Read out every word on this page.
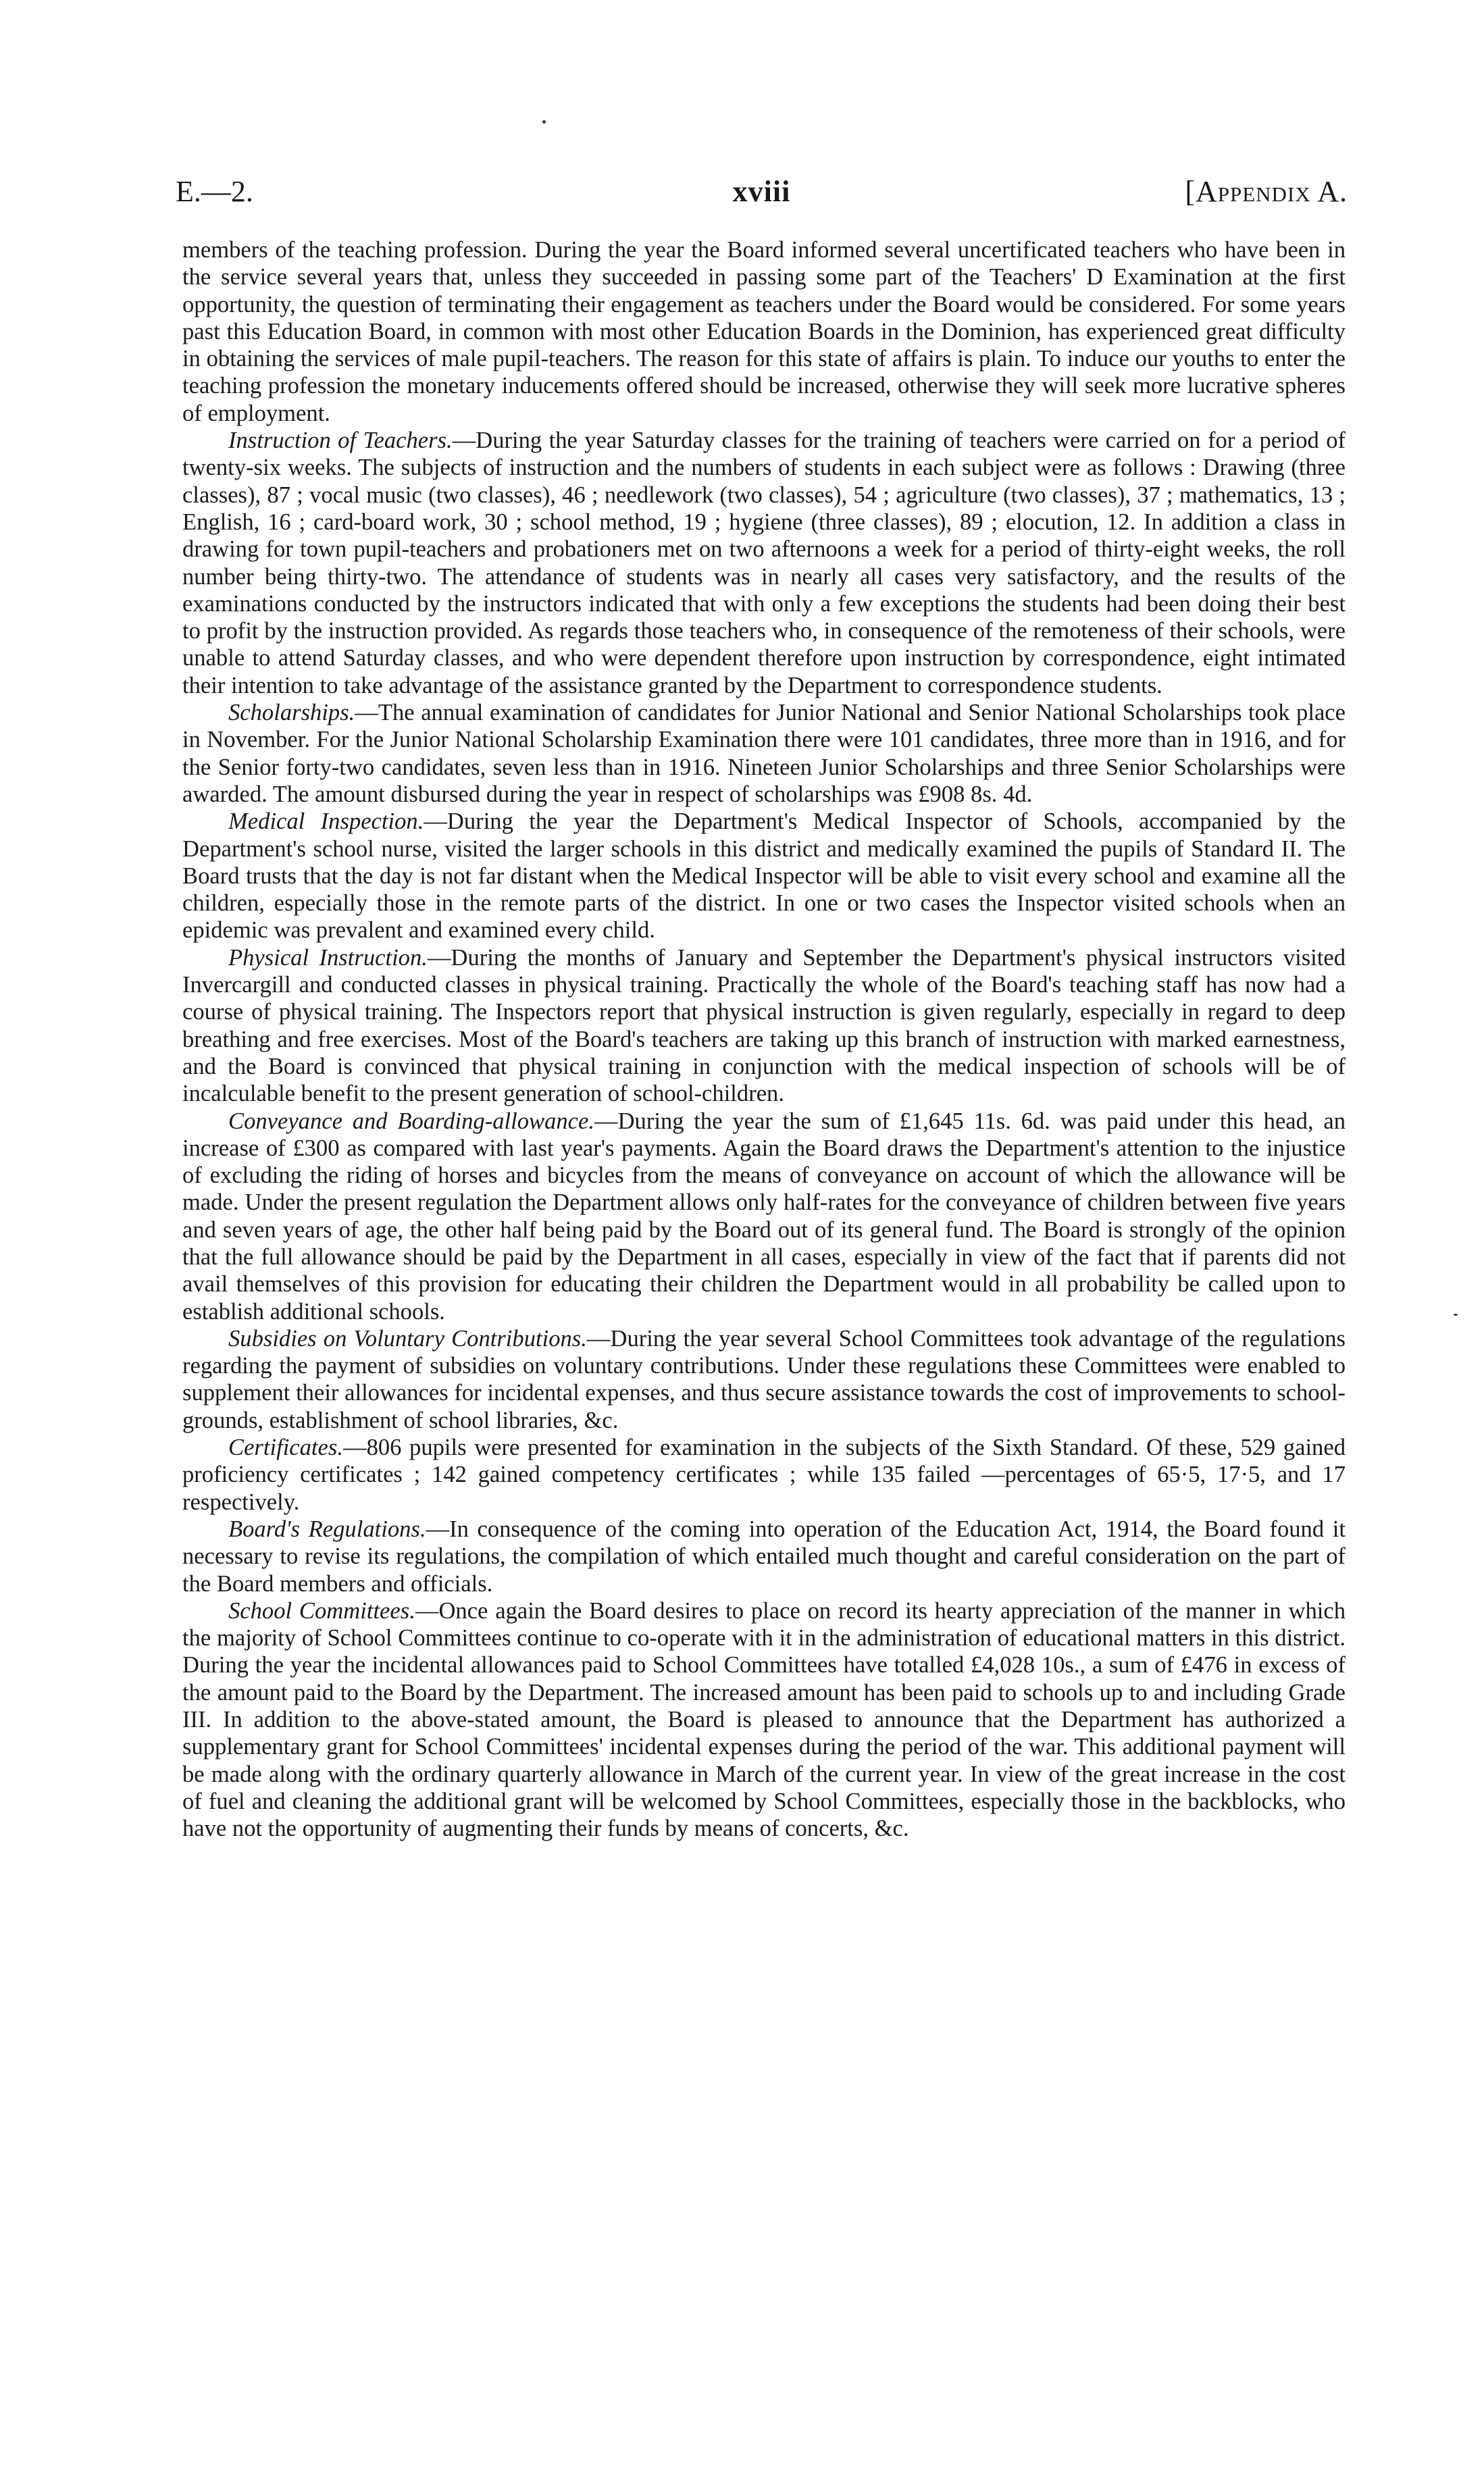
E.—2.	xviii	[Appendix A.

members of the teaching profession. During the year the Board informed several uncertificated teachers who have been in the service several years that, unless they succeeded in passing some part of the Teachers' D Examination at the first opportunity, the question of terminating their engagement as teachers under the Board would be considered. For some years past this Education Board, in common with most other Education Boards in the Dominion, has experienced great difficulty in obtaining the services of male pupil-teachers. The reason for this state of affairs is plain. To induce our youths to enter the teaching profession the monetary inducements offered should be increased, otherwise they will seek more lucrative spheres of employment.

Instruction of Teachers.—During the year Saturday classes for the training of teachers were carried on for a period of twenty-six weeks. The subjects of instruction and the numbers of students in each subject were as follows : Drawing (three classes), 87 ; vocal music (two classes), 46 ; needlework (two classes), 54 ; agriculture (two classes), 37 ; mathematics, 13 ; English, 16 ; card-board work, 30 ; school method, 19 ; hygiene (three classes), 89 ; elocution, 12. In addition a class in drawing for town pupil-teachers and probationers met on two afternoons a week for a period of thirty-eight weeks, the roll number being thirty-two. The attendance of students was in nearly all cases very satisfactory, and the results of the examinations conducted by the instructors indicated that with only a few exceptions the students had been doing their best to profit by the instruction provided. As regards those teachers who, in consequence of the remoteness of their schools, were unable to attend Saturday classes, and who were dependent therefore upon instruction by correspondence, eight intimated their intention to take advantage of the assistance granted by the Department to correspondence students.

Scholarships.—The annual examination of candidates for Junior National and Senior National Scholarships took place in November. For the Junior National Scholarship Examination there were 101 candidates, three more than in 1916, and for the Senior forty-two candidates, seven less than in 1916. Nineteen Junior Scholarships and three Senior Scholarships were awarded. The amount disbursed during the year in respect of scholarships was £908 8s. 4d.

Medical Inspection.—During the year the Department's Medical Inspector of Schools, accompanied by the Department's school nurse, visited the larger schools in this district and medically examined the pupils of Standard II. The Board trusts that the day is not far distant when the Medical Inspector will be able to visit every school and examine all the children, especially those in the remote parts of the district. In one or two cases the Inspector visited schools when an epidemic was prevalent and examined every child.

Physical Instruction.—During the months of January and September the Department's physical instructors visited Invercargill and conducted classes in physical training. Practically the whole of the Board's teaching staff has now had a course of physical training. The Inspectors report that physical instruction is given regularly, especially in regard to deep breathing and free exercises. Most of the Board's teachers are taking up this branch of instruction with marked earnestness, and the Board is convinced that physical training in conjunction with the medical inspection of schools will be of incalculable benefit to the present generation of school-children.

Conveyance and Boarding-allowance.—During the year the sum of £1,645 11s. 6d. was paid under this head, an increase of £300 as compared with last year's payments. Again the Board draws the Department's attention to the injustice of excluding the riding of horses and bicycles from the means of conveyance on account of which the allowance will be made. Under the present regulation the Department allows only half-rates for the conveyance of children between five years and seven years of age, the other half being paid by the Board out of its general fund. The Board is strongly of the opinion that the full allowance should be paid by the Department in all cases, especially in view of the fact that if parents did not avail themselves of this provision for educating their children the Department would in all probability be called upon to establish additional schools.

Subsidies on Voluntary Contributions.—During the year several School Committees took advantage of the regulations regarding the payment of subsidies on voluntary contributions. Under these regulations these Committees were enabled to supplement their allowances for incidental expenses, and thus secure assistance towards the cost of improvements to school-grounds, establishment of school libraries, &c.

Certificates.—806 pupils were presented for examination in the subjects of the Sixth Standard. Of these, 529 gained proficiency certificates ; 142 gained competency certificates ; while 135 failed —percentages of 65·5, 17·5, and 17 respectively.

Board's Regulations.—In consequence of the coming into operation of the Education Act, 1914, the Board found it necessary to revise its regulations, the compilation of which entailed much thought and careful consideration on the part of the Board members and officials.

School Committees.—Once again the Board desires to place on record its hearty appreciation of the manner in which the majority of School Committees continue to co-operate with it in the administration of educational matters in this district. During the year the incidental allowances paid to School Committees have totalled £4,028 10s., a sum of £476 in excess of the amount paid to the Board by the Department. The increased amount has been paid to schools up to and including Grade III. In addition to the above-stated amount, the Board is pleased to announce that the Department has authorized a supplementary grant for School Committees' incidental expenses during the period of the war. This additional payment will be made along with the ordinary quarterly allowance in March of the current year. In view of the great increase in the cost of fuel and cleaning the additional grant will be welcomed by School Committees, especially those in the backblocks, who have not the opportunity of augmenting their funds by means of concerts, &c.
